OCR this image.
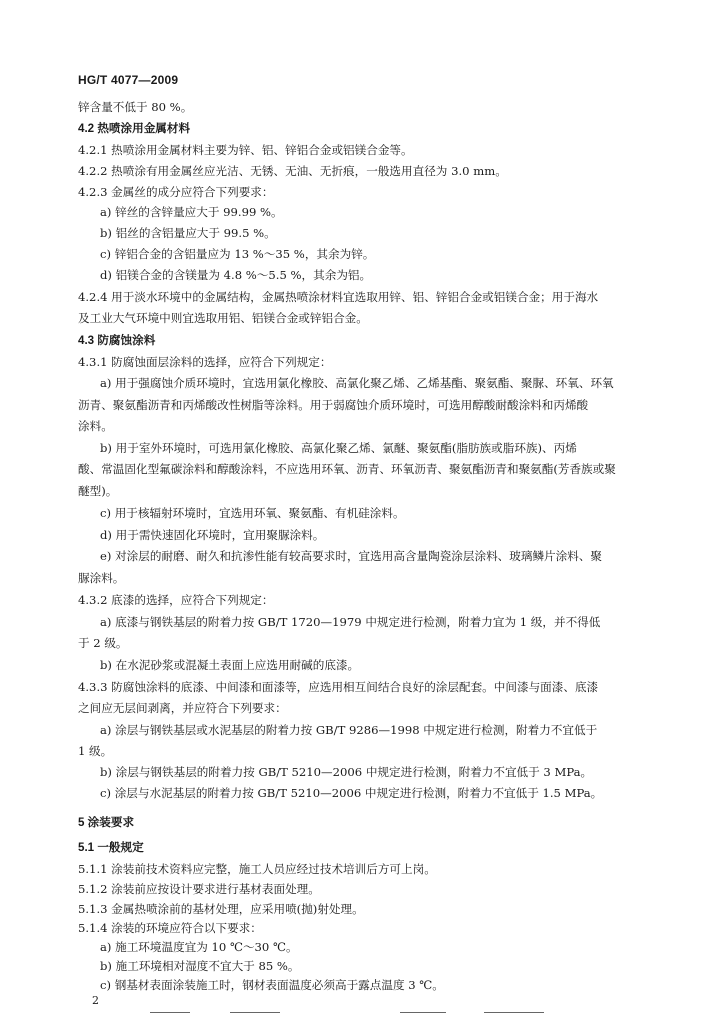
HG/T 4077—2009
锌含量不低于 80 %。
4.2 热喷涂用金属材料
4.2.1 热喷涂用金属材料主要为锌、铝、锌铝合金或铝镁合金等。
4.2.2 热喷涂有用金属丝应光洁、无锈、无油、无折痕，一般选用直径为 3.0 mm。
4.2.3 金属丝的成分应符合下列要求：
a) 锌丝的含锌量应大于 99.99 %。
b) 铝丝的含铝量应大于 99.5 %。
c) 锌铝合金的含铝量应为 13 %～35 %，其余为锌。
d) 铝镁合金的含镁量为 4.8 %～5.5 %，其余为铝。
4.2.4 用于淡水环境中的金属结构，金属热喷涂材料宜选取用锌、铝、锌铝合金或铝镁合金；用于海水
及工业大气环境中则宜选取用铝、铝镁合金或锌铝合金。
4.3 防腐蚀涂料
4.3.1 防腐蚀面层涂料的选择，应符合下列规定：
a) 用于强腐蚀介质环境时，宜选用氯化橡胶、高氯化聚乙烯、乙烯基酯、聚氨酯、聚脲、环氧、环氧
沥青、聚氨酯沥青和丙烯酸改性树脂等涂料。用于弱腐蚀介质环境时，可选用醇酸耐酸涂料和丙烯酸
涂料。
b) 用于室外环境时，可选用氯化橡胶、高氯化聚乙烯、氯醚、聚氨酯(脂肪族或脂环族)、丙烯
酸、常温固化型氟碳涂料和醇酸涂料，不应选用环氧、沥青、环氧沥青、聚氨酯沥青和聚氨酯(芳香族或聚
醚型)。
c) 用于核辐射环境时，宜选用环氧、聚氨酯、有机硅涂料。
d) 用于需快速固化环境时，宜用聚脲涂料。
e) 对涂层的耐磨、耐久和抗渗性能有较高要求时，宜选用高含量陶瓷涂层涂料、玻璃鳞片涂料、聚
脲涂料。
4.3.2 底漆的选择，应符合下列规定：
a) 底漆与钢铁基层的附着力按 GB/T 1720—1979 中规定进行检测，附着力宜为 1 级，并不得低
于 2 级。
b) 在水泥砂浆或混凝土表面上应选用耐碱的底漆。
4.3.3 防腐蚀涂料的底漆、中间漆和面漆等，应选用相互间结合良好的涂层配套。中间漆与面漆、底漆
之间应无层间剥离，并应符合下列要求：
a) 涂层与钢铁基层或水泥基层的附着力按 GB/T 9286—1998 中规定进行检测，附着力不宜低于
1 级。
b) 涂层与钢铁基层的附着力按 GB/T 5210—2006 中规定进行检测，附着力不宜低于 3 MPa。
c) 涂层与水泥基层的附着力按 GB/T 5210—2006 中规定进行检测，附着力不宜低于 1.5 MPa。
5 涂装要求
5.1 一般规定
5.1.1 涂装前技术资料应完整，施工人员应经过技术培训后方可上岗。
5.1.2 涂装前应按设计要求进行基材表面处理。
5.1.3 金属热喷涂前的基材处理，应采用喷(抛)射处理。
5.1.4 涂装的环境应符合以下要求：
a) 施工环境温度宜为 10 ℃～30 ℃。
b) 施工环境相对湿度不宜大于 85 %。
c) 钢基材表面涂装施工时，钢材表面温度必须高于露点温度 3 ℃。
2
